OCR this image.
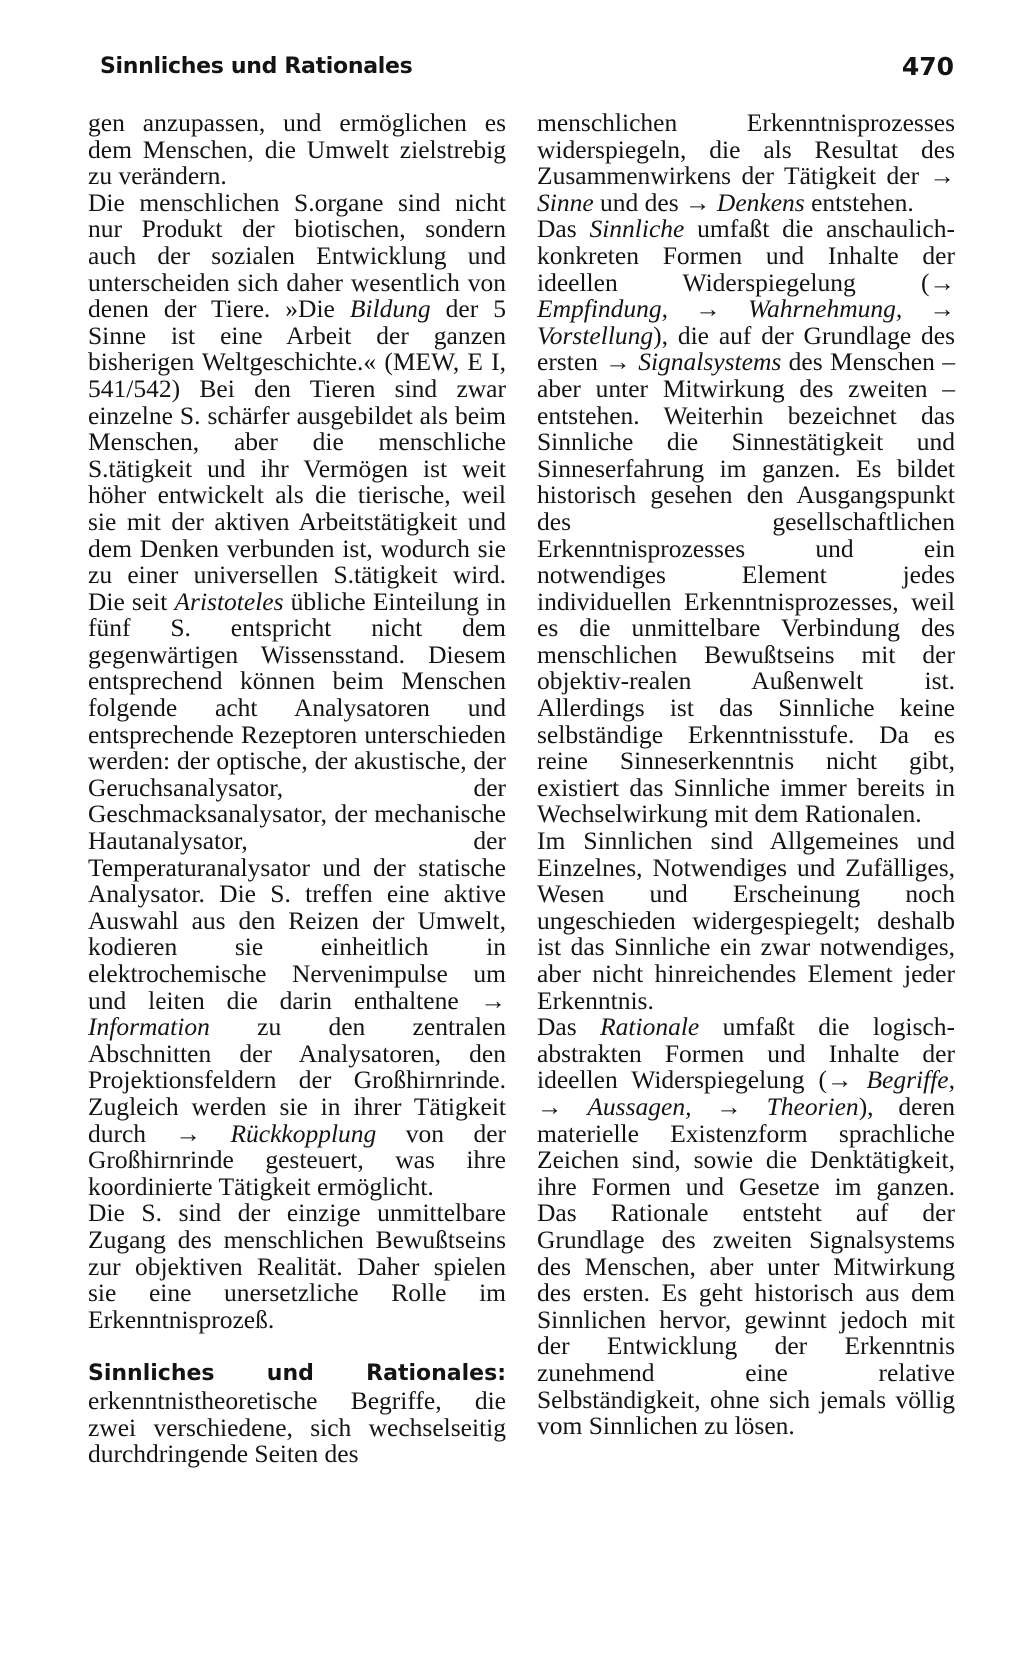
Sinnliches und Rationales	470

gen anzupassen, und ermöglichen es dem Menschen, die Umwelt zielstrebig zu verändern.

Die menschlichen S.organe sind nicht nur Produkt der biotischen, sondern auch der sozialen Entwicklung und unterscheiden sich daher wesentlich von denen der Tiere. »Die Bildung der 5 Sinne ist eine Arbeit der ganzen bisherigen Weltgeschichte.« (MEW, E I, 541/542) Bei den Tieren sind zwar einzelne S. schärfer ausgebildet als beim Menschen, aber die menschliche S.tätigkeit und ihr Vermögen ist weit höher entwickelt als die tierische, weil sie mit der aktiven Arbeitstätigkeit und dem Denken verbunden ist, wodurch sie zu einer universellen S.tätigkeit wird. Die seit Aristoteles übliche Einteilung in fünf S. entspricht nicht dem gegenwärtigen Wissensstand. Diesem entsprechend können beim Menschen folgende acht Analysatoren und entsprechende Rezeptoren unterschieden werden: der optische, der akustische, der Geruchsanalysator, der Geschmacksanalysator, der mechanische Hautanalysator, der Temperaturanalysator und der statische Analysator. Die S. treffen eine aktive Auswahl aus den Reizen der Umwelt, kodieren sie einheitlich in elektrochemische Nervenimpulse um und leiten die darin enthaltene → Information zu den zentralen Abschnitten der Analysatoren, den Projektionsfeldern der Großhirnrinde. Zugleich werden sie in ihrer Tätigkeit durch → Rückkopplung von der Großhirnrinde gesteuert, was ihre koordinierte Tätigkeit ermöglicht.

Die S. sind der einzige unmittelbare Zugang des menschlichen Bewußtseins zur objektiven Realität. Daher spielen sie eine unersetzliche Rolle im Erkenntnisprozeß.

Sinnliches und Rationales: erkenntnistheoretische Begriffe, die zwei verschiedene, sich wechselseitig durchdringende Seiten des

menschlichen Erkenntnisprozesses widerspiegeln, die als Resultat des Zusammenwirkens der Tätigkeit der → Sinne und des → Denkens entstehen.

Das Sinnliche umfaßt die anschaulich-konkreten Formen und Inhalte der ideellen Widerspiegelung (→ Empfindung, → Wahrnehmung, → Vorstellung), die auf der Grundlage des ersten → Signalsystems des Menschen – aber unter Mitwirkung des zweiten – entstehen. Weiterhin bezeichnet das Sinnliche die Sinnestätigkeit und Sinneserfahrung im ganzen. Es bildet historisch gesehen den Ausgangspunkt des gesellschaftlichen Erkenntnisprozesses und ein notwendiges Element jedes individuellen Erkenntnisprozesses, weil es die unmittelbare Verbindung des menschlichen Bewußtseins mit der objektiv-realen Außenwelt ist. Allerdings ist das Sinnliche keine selbständige Erkenntnisstufe. Da es reine Sinneserkenntnis nicht gibt, existiert das Sinnliche immer bereits in Wechselwirkung mit dem Rationalen.

Im Sinnlichen sind Allgemeines und Einzelnes, Notwendiges und Zufälliges, Wesen und Erscheinung noch ungeschieden widergespiegelt; deshalb ist das Sinnliche ein zwar notwendiges, aber nicht hinreichendes Element jeder Erkenntnis.

Das Rationale umfaßt die logisch-abstrakten Formen und Inhalte der ideellen Widerspiegelung (→ Begriffe, → Aussagen, → Theorien), deren materielle Existenzform sprachliche Zeichen sind, sowie die Denktätigkeit, ihre Formen und Gesetze im ganzen. Das Rationale entsteht auf der Grundlage des zweiten Signalsystems des Menschen, aber unter Mitwirkung des ersten. Es geht historisch aus dem Sinnlichen hervor, gewinnt jedoch mit der Entwicklung der Erkenntnis zunehmend eine relative Selbständigkeit, ohne sich jemals völlig vom Sinnlichen zu lösen.
